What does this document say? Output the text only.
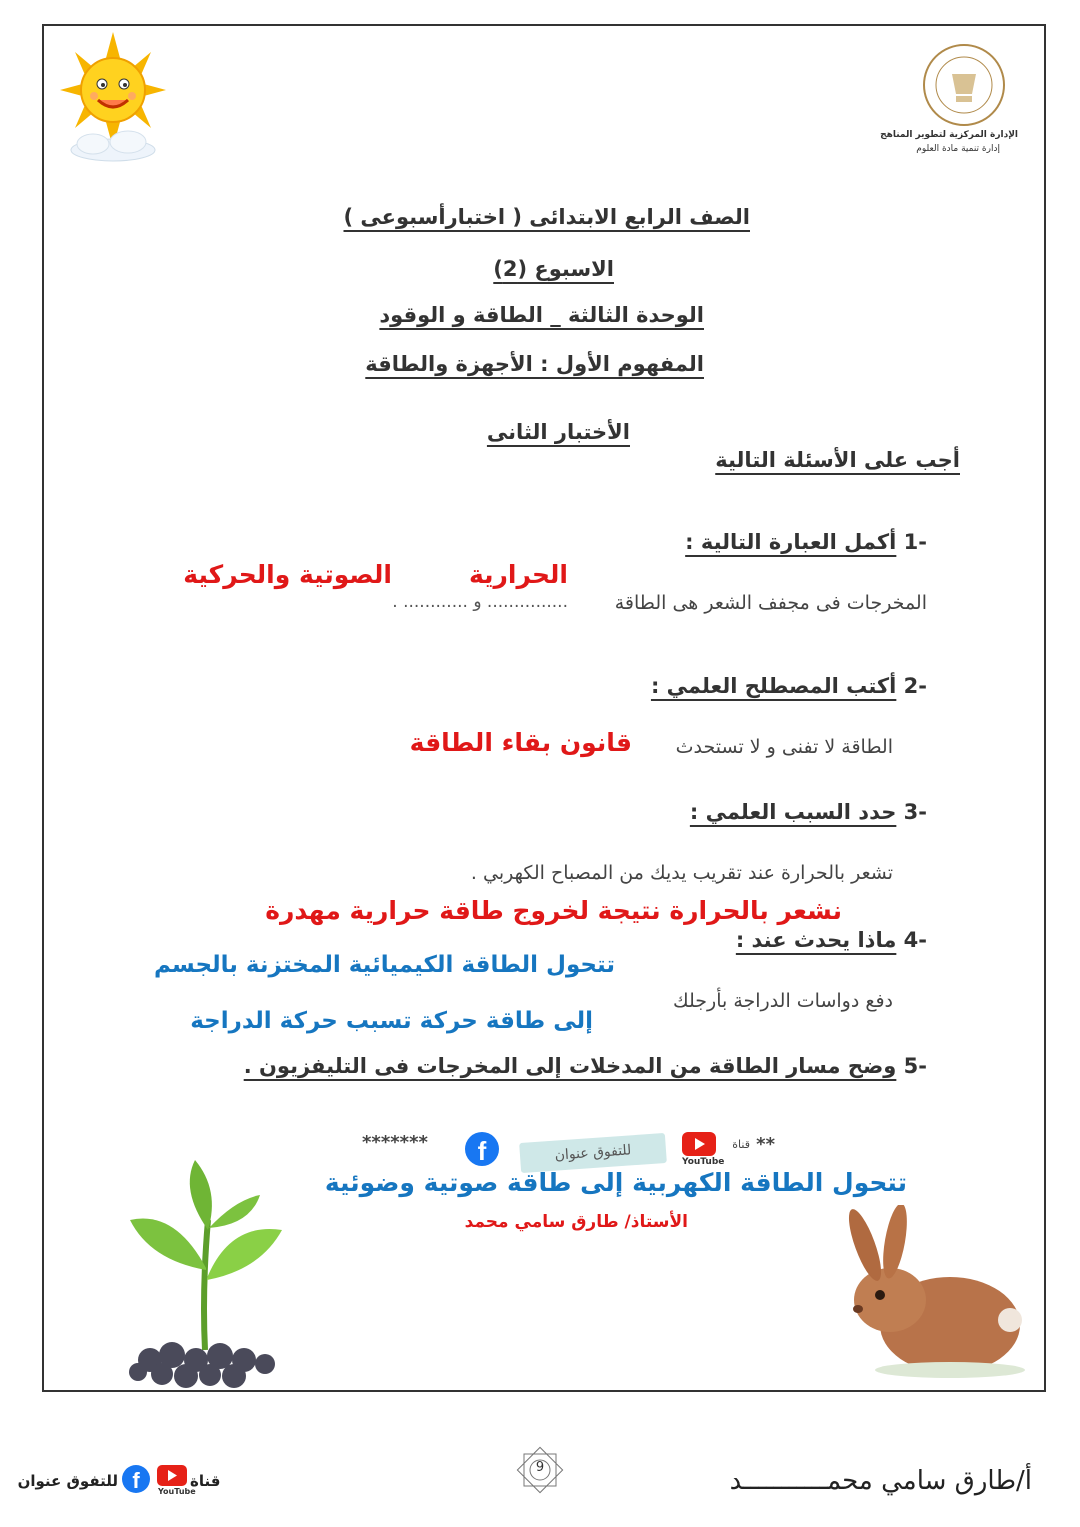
الإدارة المركزية لتطوير المناهج
إدارة تنمية مادة العلوم
الصف الرابع الابتدائى ( اختبارأسبوعى )
الاسبوع (2)
الوحدة الثالثة _ الطاقة و الوقود
المفهوم الأول : الأجهزة والطاقة
الأختبار الثانى
أجب على الأسئلة التالية
-1 أكمل العبارة التالية :
الحرارية
الصوتية والحركية
المخرجات فى مجفف الشعر هى الطاقة
............... و ............ .
-2 أكتب المصطلح العلمي :
قانون بقاء الطاقة الطاقة لا تفنى و لا تستحدث
-3 حدد السبب العلمي :
تشعر بالحرارة عند تقريب يديك من المصباح الكهربي .
نشعر بالحرارة نتيجة لخروج طاقة حرارية مهدرة
-4 ماذا يحدث عند :
تتحول الطاقة الكيميائية المختزنة بالجسم
دفع دواسات الدراجة بأرجلك
إلى طاقة حركة تسبب حركة الدراجة
-5 وضح مسار الطاقة من المدخلات إلى المخرجات فى التليفزيون .
**
قناة
YouTube
للتفوق عنوان
f
*******
تتحول الطاقة الكهربية إلى طاقة صوتية وضوئية
الأستاذ/ طارق سامي محمد
أ/طارق سامي محمـــــــــــد
9
قناة
YouTube
f
للتفوق عنوان
